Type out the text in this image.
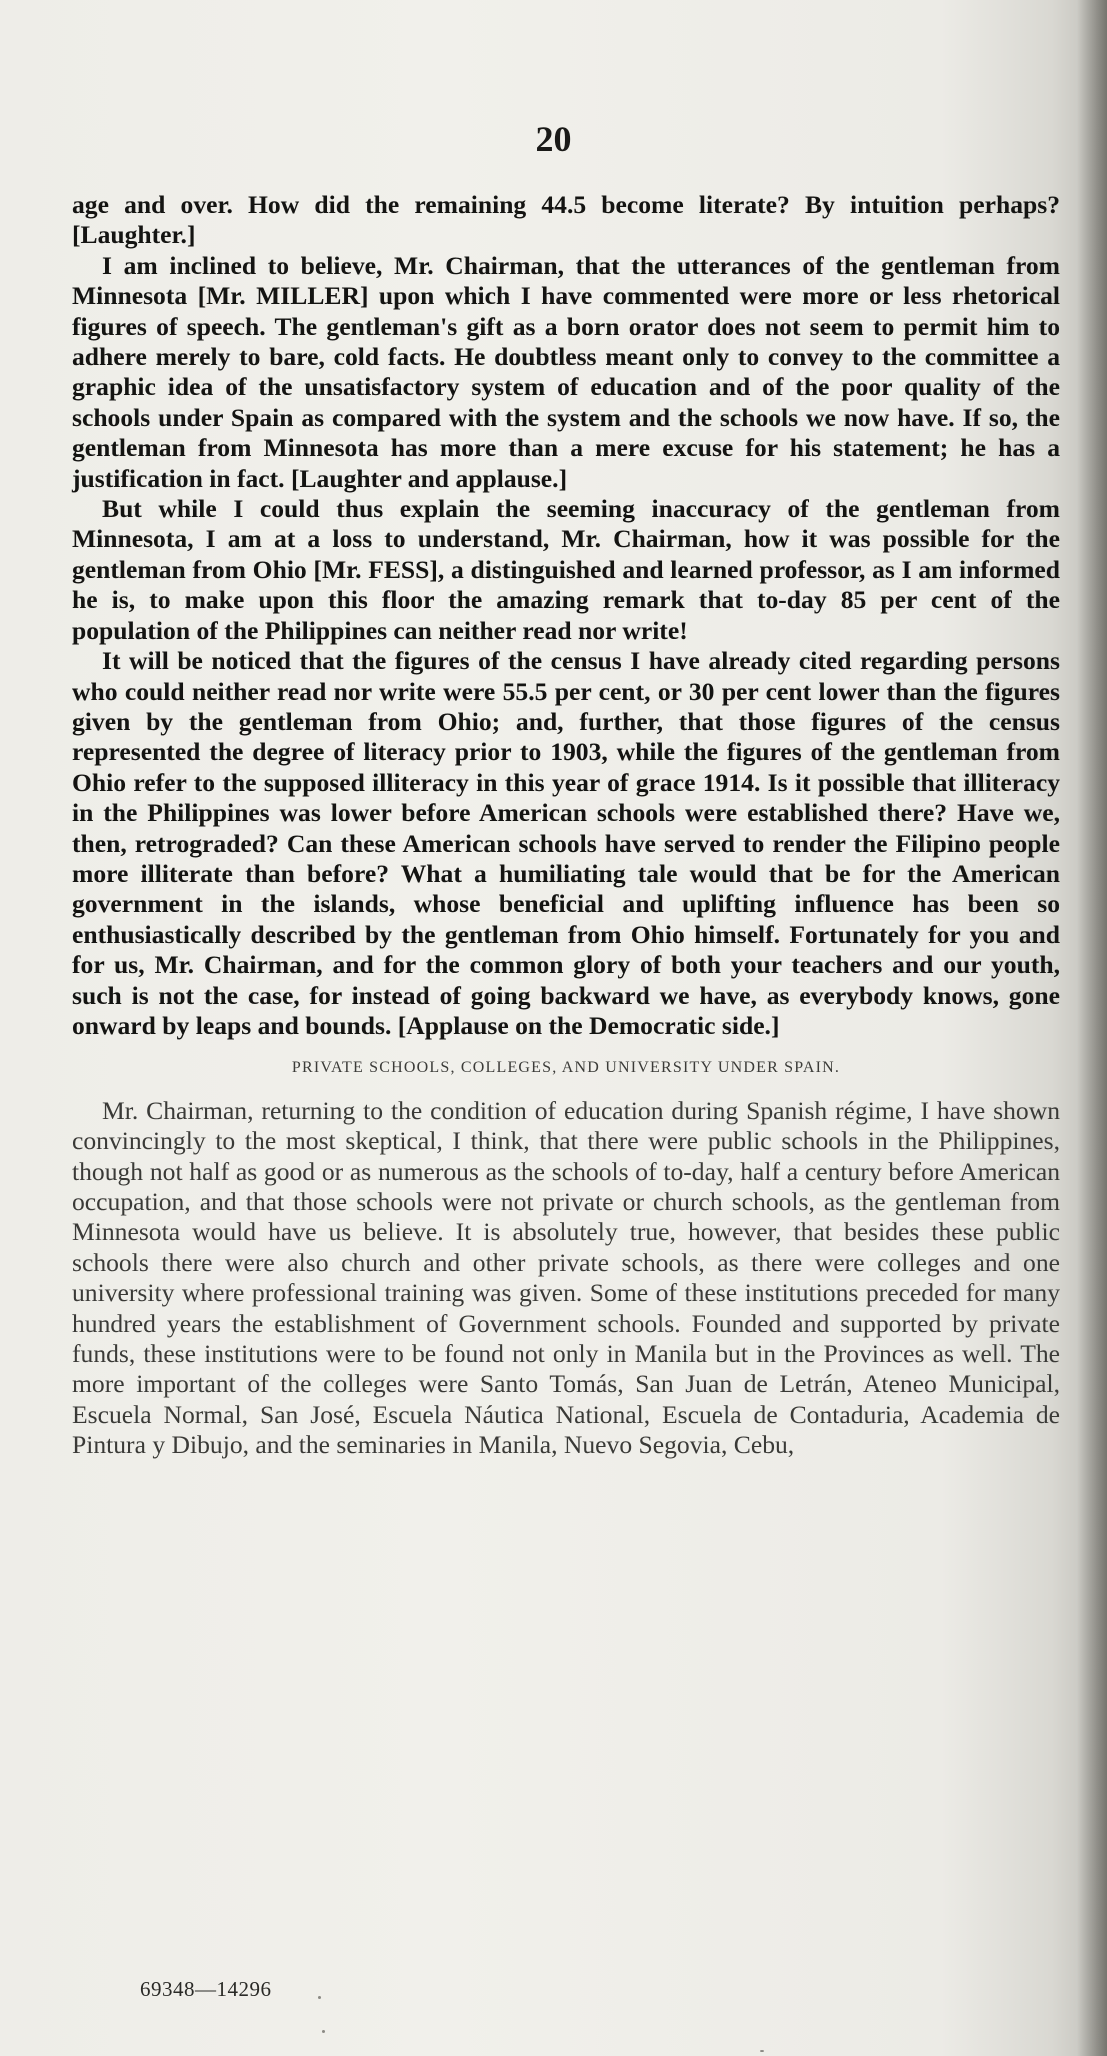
20

age and over. How did the remaining 44.5 become literate? By intuition perhaps? [Laughter.]

I am inclined to believe, Mr. Chairman, that the utterances of the gentleman from Minnesota [Mr. MILLER] upon which I have commented were more or less rhetorical figures of speech. The gentleman's gift as a born orator does not seem to permit him to adhere merely to bare, cold facts. He doubtless meant only to convey to the committee a graphic idea of the unsatisfactory system of education and of the poor quality of the schools under Spain as compared with the system and the schools we now have. If so, the gentleman from Minnesota has more than a mere excuse for his statement; he has a justification in fact. [Laughter and applause.]

But while I could thus explain the seeming inaccuracy of the gentleman from Minnesota, I am at a loss to understand, Mr. Chairman, how it was possible for the gentleman from Ohio [Mr. FESS], a distinguished and learned professor, as I am informed he is, to make upon this floor the amazing remark that to-day 85 per cent of the population of the Philippines can neither read nor write!

It will be noticed that the figures of the census I have already cited regarding persons who could neither read nor write were 55.5 per cent, or 30 per cent lower than the figures given by the gentleman from Ohio; and, further, that those figures of the census represented the degree of literacy prior to 1903, while the figures of the gentleman from Ohio refer to the supposed illiteracy in this year of grace 1914. Is it possible that illiteracy in the Philippines was lower before American schools were established there? Have we, then, retrograded? Can these American schools have served to render the Filipino people more illiterate than before? What a humiliating tale would that be for the American government in the islands, whose beneficial and uplifting influence has been so enthusiastically described by the gentleman from Ohio himself. Fortunately for you and for us, Mr. Chairman, and for the common glory of both your teachers and our youth, such is not the case, for instead of going backward we have, as everybody knows, gone onward by leaps and bounds. [Applause on the Democratic side.]

PRIVATE SCHOOLS, COLLEGES, AND UNIVERSITY UNDER SPAIN.

Mr. Chairman, returning to the condition of education during Spanish régime, I have shown convincingly to the most skeptical, I think, that there were public schools in the Philippines, though not half as good or as numerous as the schools of to-day, half a century before American occupation, and that those schools were not private or church schools, as the gentleman from Minnesota would have us believe. It is absolutely true, however, that besides these public schools there were also church and other private schools, as there were colleges and one university where professional training was given. Some of these institutions preceded for many hundred years the establishment of Government schools. Founded and supported by private funds, these institutions were to be found not only in Manila but in the Provinces as well. The more important of the colleges were Santo Tomás, San Juan de Letrán, Ateneo Municipal, Escuela Normal, San José, Escuela Náutica National, Escuela de Contaduria, Academia de Pintura y Dibujo, and the seminaries in Manila, Nuevo Segovia, Cebu,

69348—14296
